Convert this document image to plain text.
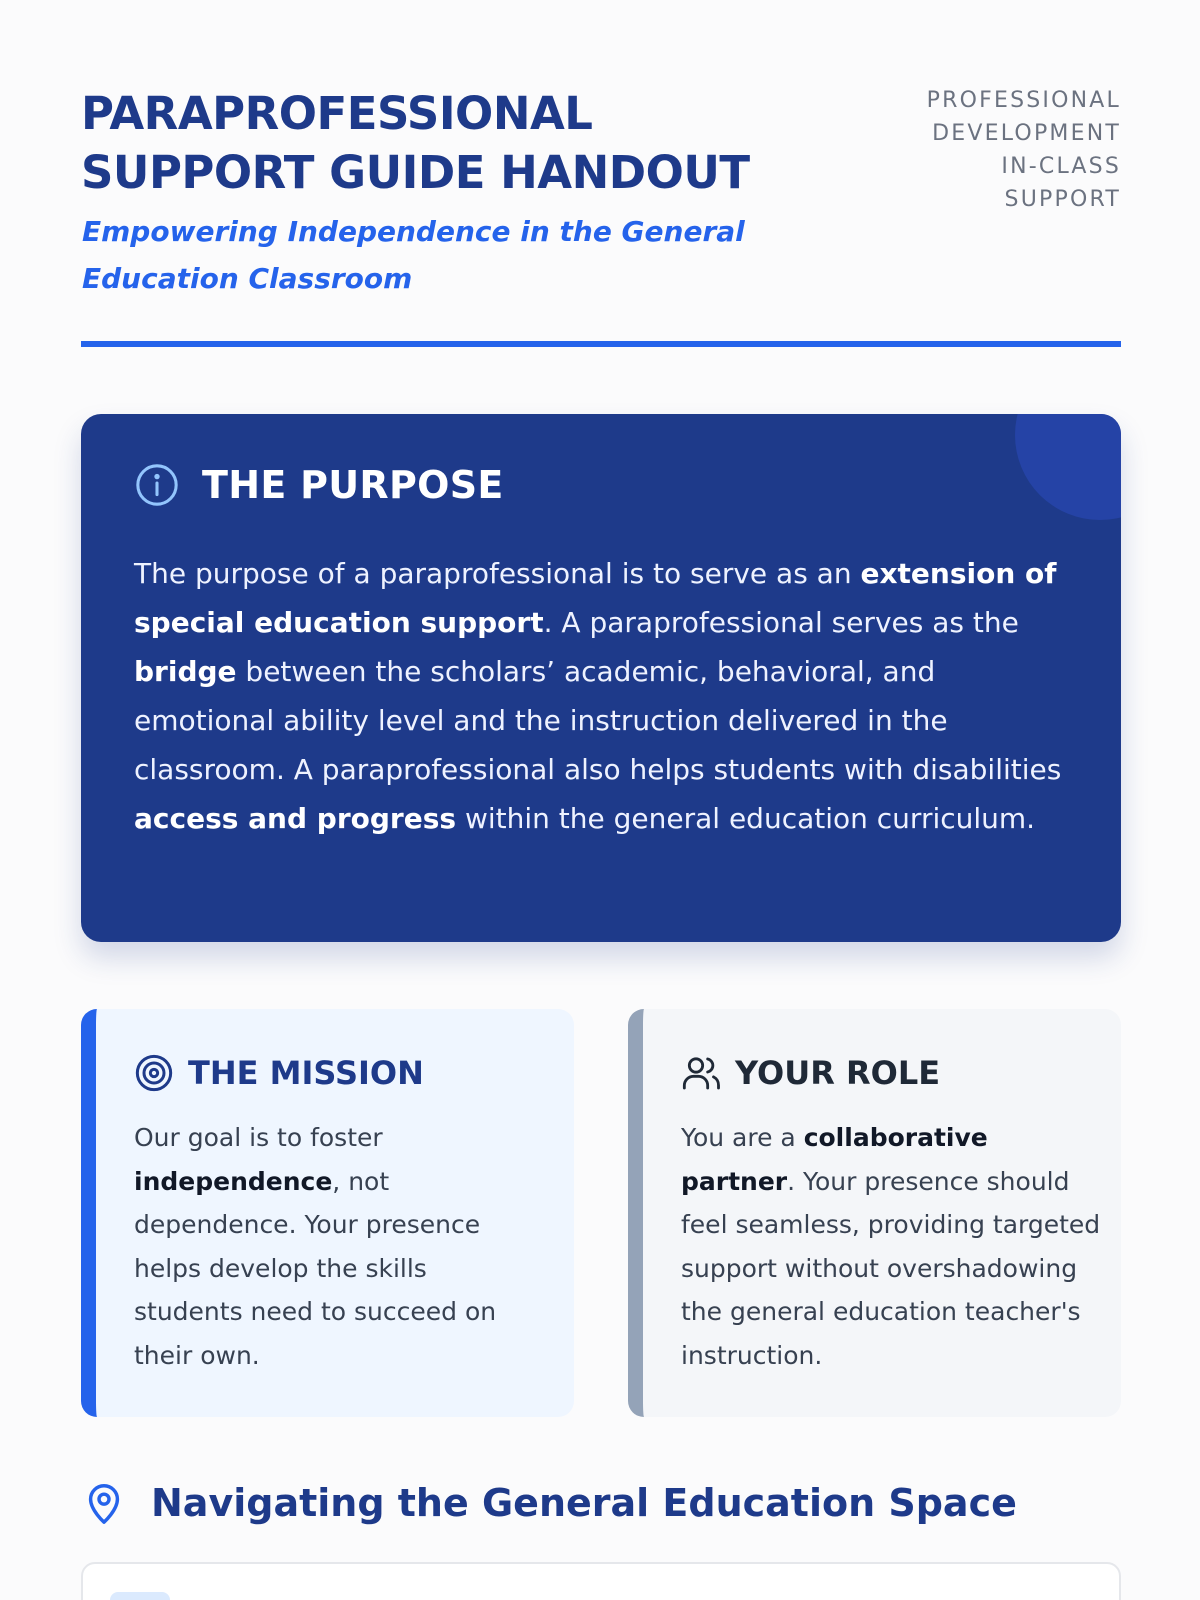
PARAPROFESSIONAL
SUPPORT GUIDE HANDOUT

Empowering Independence in the General Education Classroom

PROFESSIONAL
DEVELOPMENT
IN-CLASS
SUPPORT
THE PURPOSE

The purpose of a paraprofessional is to serve as an extension of special education support. A paraprofessional serves as the bridge between the scholars’ academic, behavioral, and emotional ability level and the instruction delivered in the classroom. A paraprofessional also helps students with disabilities access and progress within the general education curriculum.

THE MISSION

Our goal is to foster independence, not dependence. Your presence helps develop the skills students need to succeed on their own.

YOUR ROLE

You are a collaborative partner. Your presence should feel seamless, providing targeted support without overshadowing the general education teacher's instruction.

Navigating the General Education Space
